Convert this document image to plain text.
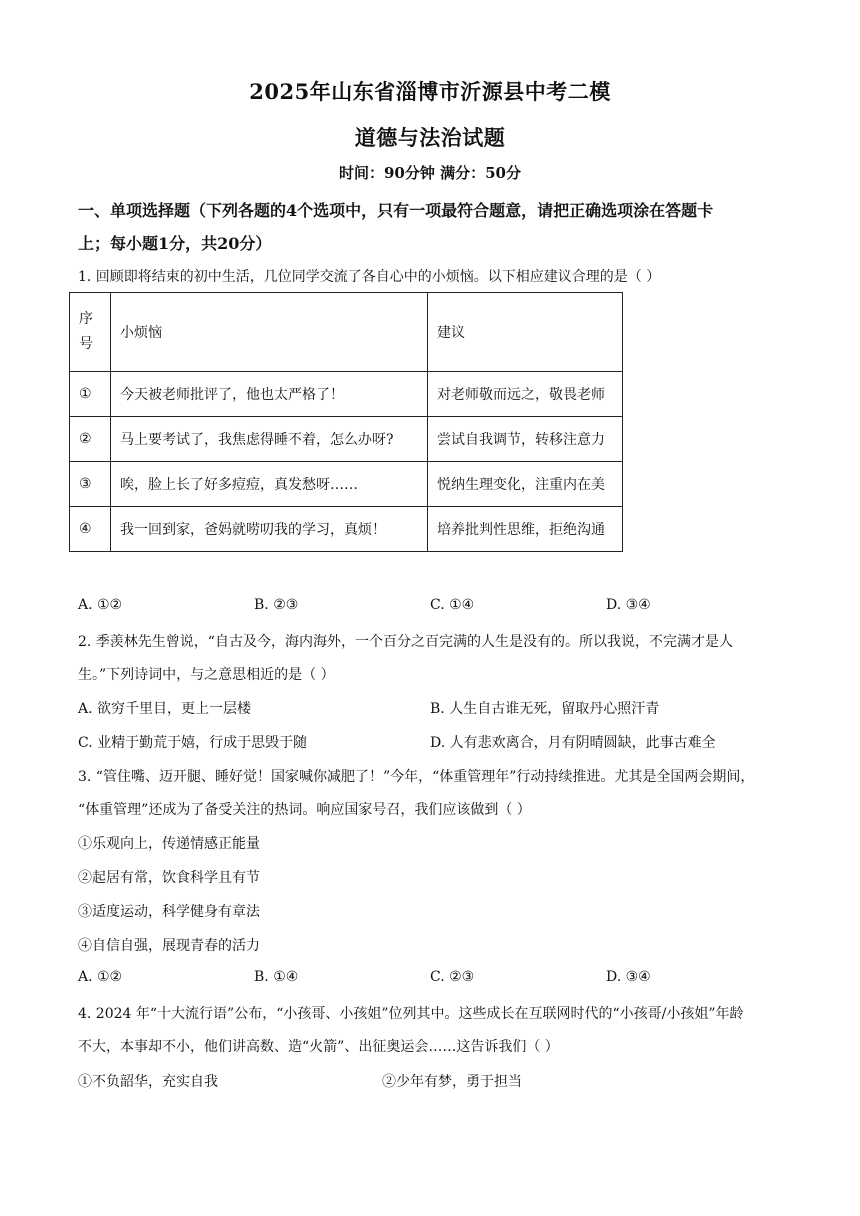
2025年山东省淄博市沂源县中考二模
道德与法治试题
时间：90分钟 满分：50分
一、单项选择题（下列各题的4个选项中，只有一项最符合题意，请把正确选项涂在答题卡
上；每小题1分，共20分）
1. 回顾即将结束的初中生活，几位同学交流了各自心中的小烦恼。以下相应建议合理的是（ ）
序
号	小烦恼	建议
①	今天被老师批评了，他也太严格了！	对老师敬而远之，敬畏老师
②	马上要考试了，我焦虑得睡不着，怎么办呀?	尝试自我调节，转移注意力
③	唉，脸上长了好多痘痘，真发愁呀……	悦纳生理变化，注重内在美
④	我一回到家，爸妈就唠叨我的学习，真烦！	培养批判性思维，拒绝沟通
A. ①②	B. ②③	C. ①④	D. ③④
2. 季羡林先生曾说，“自古及今，海内海外，一个百分之百完满的人生是没有的。所以我说，不完满才是人
生。”下列诗词中，与之意思相近的是（ ）
A. 欲穷千里目，更上一层楼	B. 人生自古谁无死，留取丹心照汗青
C. 业精于勤荒于嬉，行成于思毁于随	D. 人有悲欢离合，月有阴晴圆缺，此事古难全
3. “管住嘴、迈开腿、睡好觉！国家喊你减肥了！”今年，“体重管理年”行动持续推进。尤其是全国两会期间，
“体重管理”还成为了备受关注的热词。响应国家号召，我们应该做到（ ）
①乐观向上，传递情感正能量
②起居有常，饮食科学且有节
③适度运动，科学健身有章法
④自信自强，展现青春的活力
A. ①②	B. ①④	C. ②③	D. ③④
4. 2024 年“十大流行语”公布，“小孩哥、小孩姐”位列其中。这些成长在互联网时代的“小孩哥/小孩姐”年龄
不大，本事却不小，他们讲高数、造“火箭”、出征奥运会……这告诉我们（ ）
①不负韶华，充实自我	②少年有梦，勇于担当
